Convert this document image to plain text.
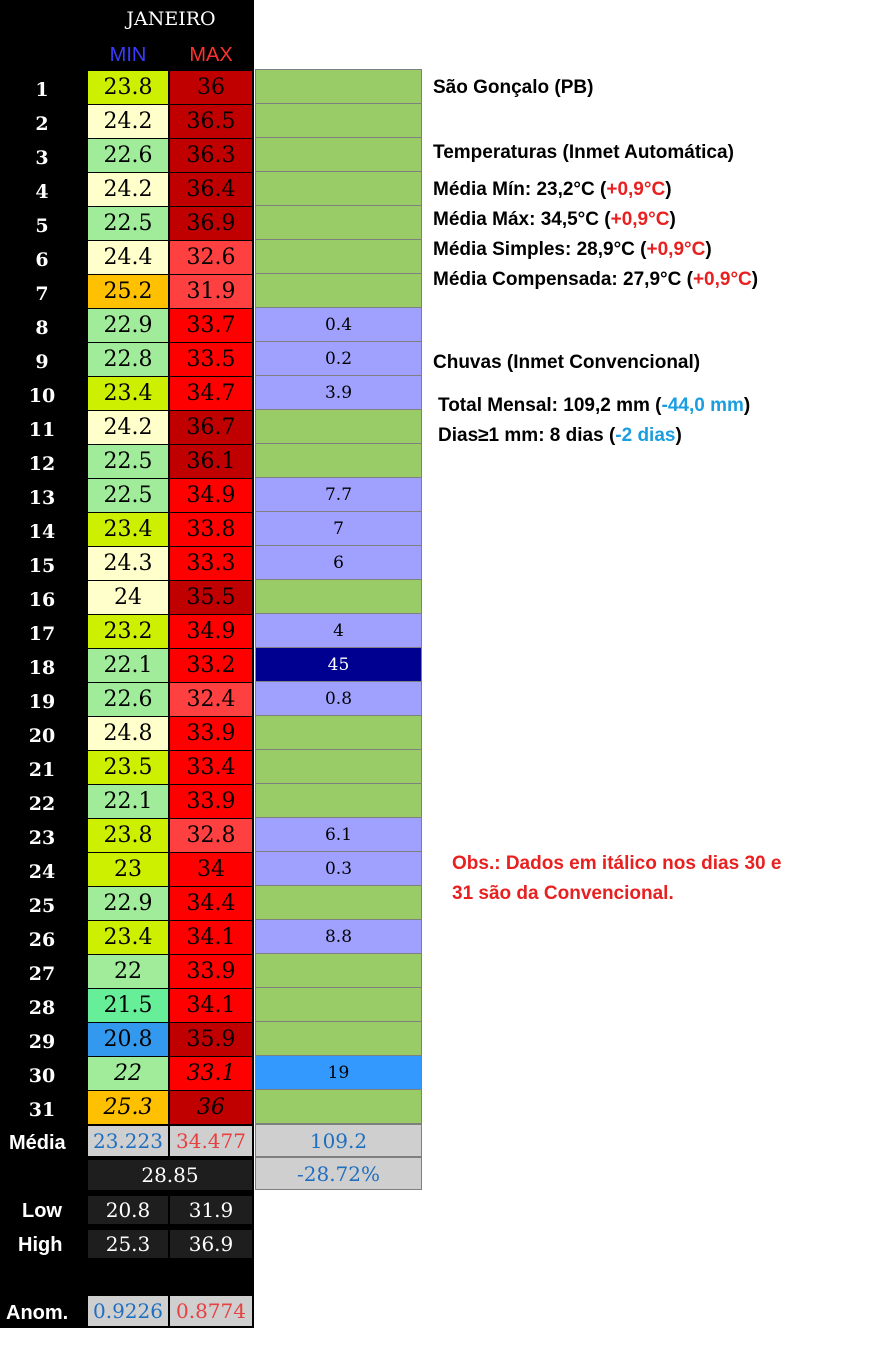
JANEIRO
MIN	MAX
1	23.8	36
2	24.2	36.5
3	22.6	36.3
4	24.2	36.4
5	22.5	36.9
6	24.4	32.6
7	25.2	31.9
8	22.9	33.7	0.4
9	22.8	33.5	0.2
10	23.4	34.7	3.9
11	24.2	36.7
12	22.5	36.1
13	22.5	34.9	7.7
14	23.4	33.8	7
15	24.3	33.3	6
16	24	35.5
17	23.2	34.9	4
18	22.1	33.2	45
19	22.6	32.4	0.8
20	24.8	33.9
21	23.5	33.4
22	22.1	33.9
23	23.8	32.8	6.1
24	23	34	0.3
25	22.9	34.4
26	23.4	34.1	8.8
27	22	33.9
28	21.5	34.1
29	20.8	35.9
30	22	33.1	19
31	25.3	36
Média 23.223 34.477	109.2
28.85	-28.72%
Low	20.8	31.9
High	25.3	36.9
Anom. 0.9226 0.8774
São Gonçalo (PB)
Temperaturas (Inmet Automática)
Média Mín: 23,2°C (+0,9°C)
Média Máx: 34,5°C (+0,9°C)
Média Simples: 28,9°C (+0,9°C)
Média Compensada: 27,9°C (+0,9°C)
Chuvas (Inmet Convencional)
Total Mensal: 109,2 mm (-44,0 mm)
Dias≥1 mm: 8 dias (-2 dias)
Obs.: Dados em itálico nos dias 30 e
31 são da Convencional.
